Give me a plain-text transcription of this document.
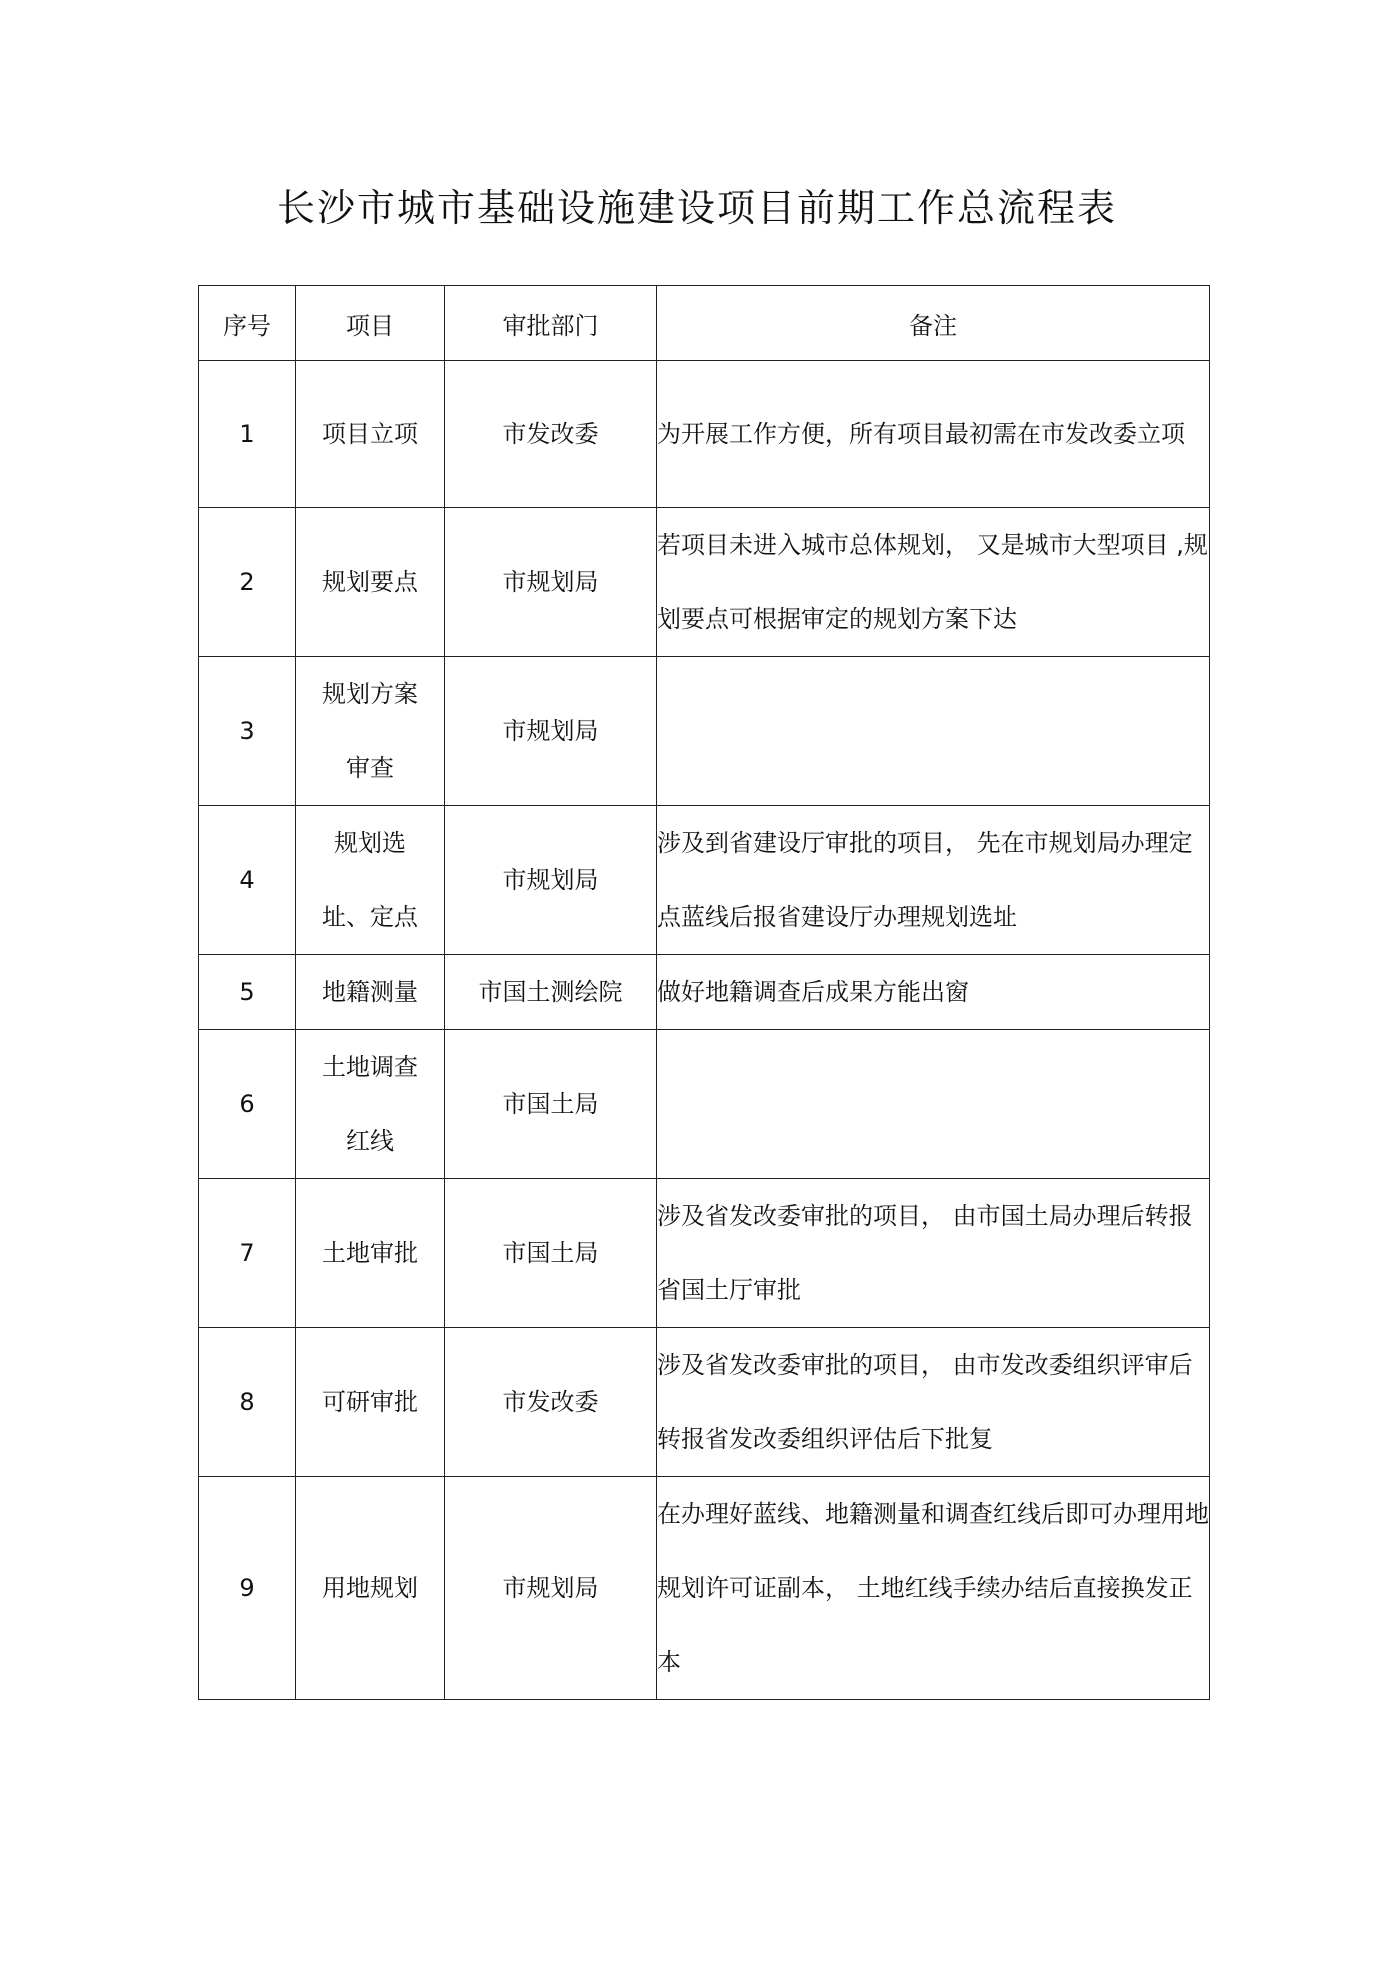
长沙市城市基础设施建设项目前期工作总流程表
序号	项目	审批部门	备注
1	项目立项	市发改委	为开展工作方便，所有项目最初需在市发改委立项
2	规划要点	市规划局	若项目未进入城市总体规划， 又是城市大型项目 ,规划要点可根据审定的规划方案下达
3	规划方案审查	市规划局	
4	规划选址、定点	市规划局	涉及到省建设厅审批的项目， 先在市规划局办理定点蓝线后报省建设厅办理规划选址
5	地籍测量	市国土测绘院	做好地籍调查后成果方能出窗
6	土地调查红线	市国土局	
7	土地审批	市国土局	涉及省发改委审批的项目， 由市国土局办理后转报省国土厅审批
8	可研审批	市发改委	涉及省发改委审批的项目， 由市发改委组织评审后转报省发改委组织评估后下批复
9	用地规划	市规划局	在办理好蓝线、地籍测量和调查红线后即可办理用地规划许可证副本， 土地红线手续办结后直接换发正本
